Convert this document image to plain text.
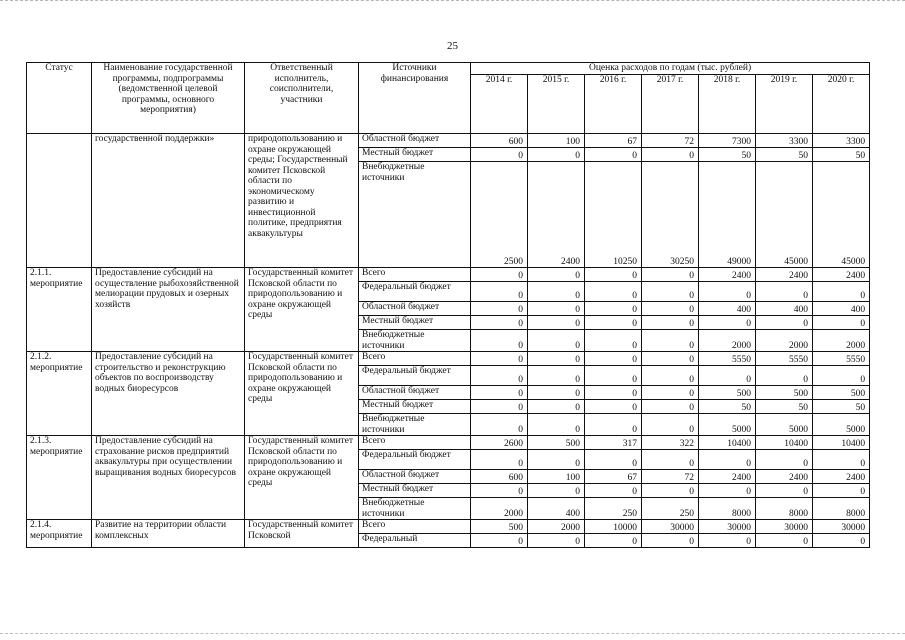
25
Статус	Наименование государственной программы, подпрограммы (ведомственной целевой программы, основного мероприятия)	Ответственный исполнитель, соисполнители, участники	Источники финансирования	Оценка расходов по годам (тыс. рублей)						
				2014 г.	2015 г.	2016 г.	2017 г.	2018 г.	2019 г.	2020 г.
	государственной поддержки»	природопользованию и охране окружающей среды; Государственный комитет Псковской области по экономическому развитию и инвестиционной политике, предприятия аквакультуры	Областной бюджет	600	100	67	72	7300	3300	3300
			Местный бюджет	0	0	0	0	50	50	50
			Внебюджетные источники	2500	2400	10250	30250	49000	45000	45000
2.1.1. мероприятие	Предоставление субсидий на осуществление рыбохозяйственной мелиорации прудовых и озерных хозяйств	Государственный комитет Псковской области по природопользованию и охране окружающей среды	Всего	0	0	0	0	2400	2400	2400
			Федеральный бюджет	0	0	0	0	0	0	0
			Областной бюджет	0	0	0	0	400	400	400
			Местный бюджет	0	0	0	0	0	0	0
			Внебюджетные источники	0	0	0	0	2000	2000	2000
2.1.2. мероприятие	Предоставление субсидий на строительство и реконструкцию объектов по воспроизводству водных биоресурсов	Государственный комитет Псковской области по природопользованию и охране окружающей среды	Всего	0	0	0	0	5550	5550	5550
			Федеральный бюджет	0	0	0	0	0	0	0
			Областной бюджет	0	0	0	0	500	500	500
			Местный бюджет	0	0	0	0	50	50	50
			Внебюджетные источники	0	0	0	0	5000	5000	5000
2.1.3. мероприятие	Предоставление субсидий на страхование рисков предприятий аквакультуры при осуществлении выращивания водных биоресурсов	Государственный комитет Псковской области по природопользованию и охране окружающей среды	Всего	2600	500	317	322	10400	10400	10400
			Федеральный бюджет	0	0	0	0	0	0	0
			Областной бюджет	600	100	67	72	2400	2400	2400
			Местный бюджет	0	0	0	0	0	0	0
			Внебюджетные источники	2000	400	250	250	8000	8000	8000
2.1.4. мероприятие	Развитие на территории области комплексных	Государственный комитет Псковской	Всего	500	2000	10000	30000	30000	30000	30000
			Федеральный	0	0	0	0	0	0	0
